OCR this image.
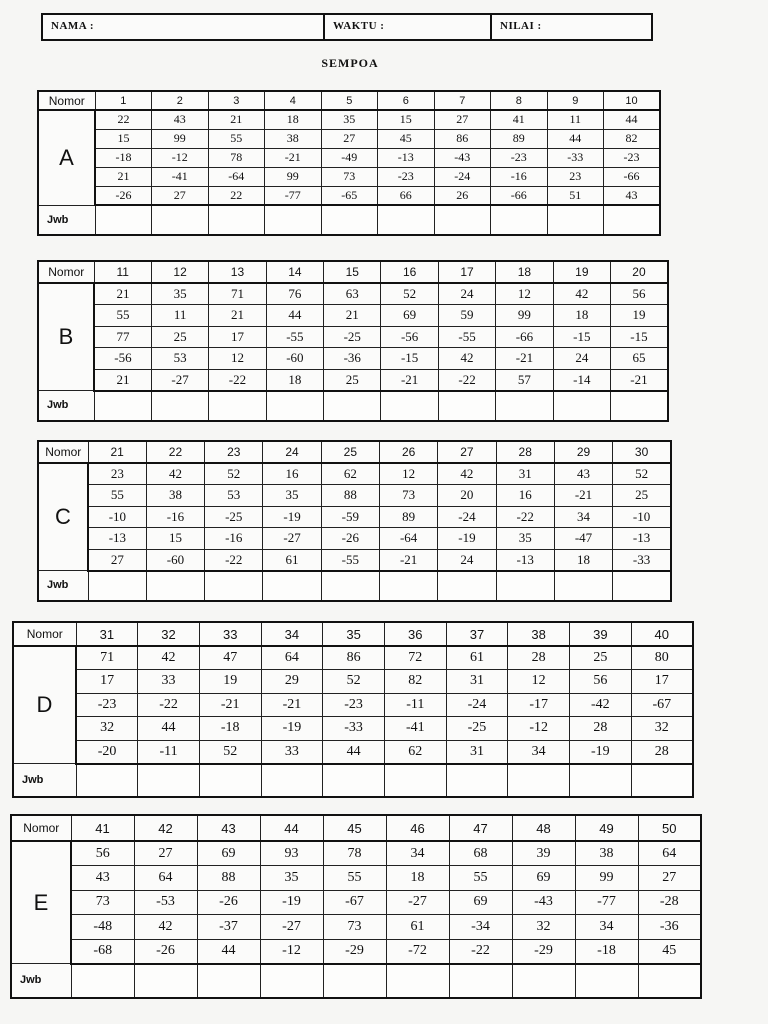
NAMA :	WAKTU :	NILAI :
SEMPOA
Nomor	1	2	3	4	5	6	7	8	9	10
A	22	43	21	18	35	15	27	41	11	44
	15	99	55	38	27	45	86	89	44	82
	-18	-12	78	-21	-49	-13	-43	-23	-33	-23
	21	-41	-64	99	73	-23	-24	-16	23	-66
	-26	27	22	-77	-65	66	26	-66	51	43
Jwb										
Nomor	11	12	13	14	15	16	17	18	19	20
B	21	35	71	76	63	52	24	12	42	56
	55	11	21	44	21	69	59	99	18	19
	77	25	17	-55	-25	-56	-55	-66	-15	-15
	-56	53	12	-60	-36	-15	42	-21	24	65
	21	-27	-22	18	25	-21	-22	57	-14	-21
Jwb										
Nomor	21	22	23	24	25	26	27	28	29	30
C	23	42	52	16	62	12	42	31	43	52
	55	38	53	35	88	73	20	16	-21	25
	-10	-16	-25	-19	-59	89	-24	-22	34	-10
	-13	15	-16	-27	-26	-64	-19	35	-47	-13
	27	-60	-22	61	-55	-21	24	-13	18	-33
Jwb										
Nomor	31	32	33	34	35	36	37	38	39	40
D	71	42	47	64	86	72	61	28	25	80
	17	33	19	29	52	82	31	12	56	17
	-23	-22	-21	-21	-23	-11	-24	-17	-42	-67
	32	44	-18	-19	-33	-41	-25	-12	28	32
	-20	-11	52	33	44	62	31	34	-19	28
Jwb										
Nomor	41	42	43	44	45	46	47	48	49	50
E	56	27	69	93	78	34	68	39	38	64
	43	64	88	35	55	18	55	69	99	27
	73	-53	-26	-19	-67	-27	69	-43	-77	-28
	-48	42	-37	-27	73	61	-34	32	34	-36
	-68	-26	44	-12	-29	-72	-22	-29	-18	45
Jwb										
